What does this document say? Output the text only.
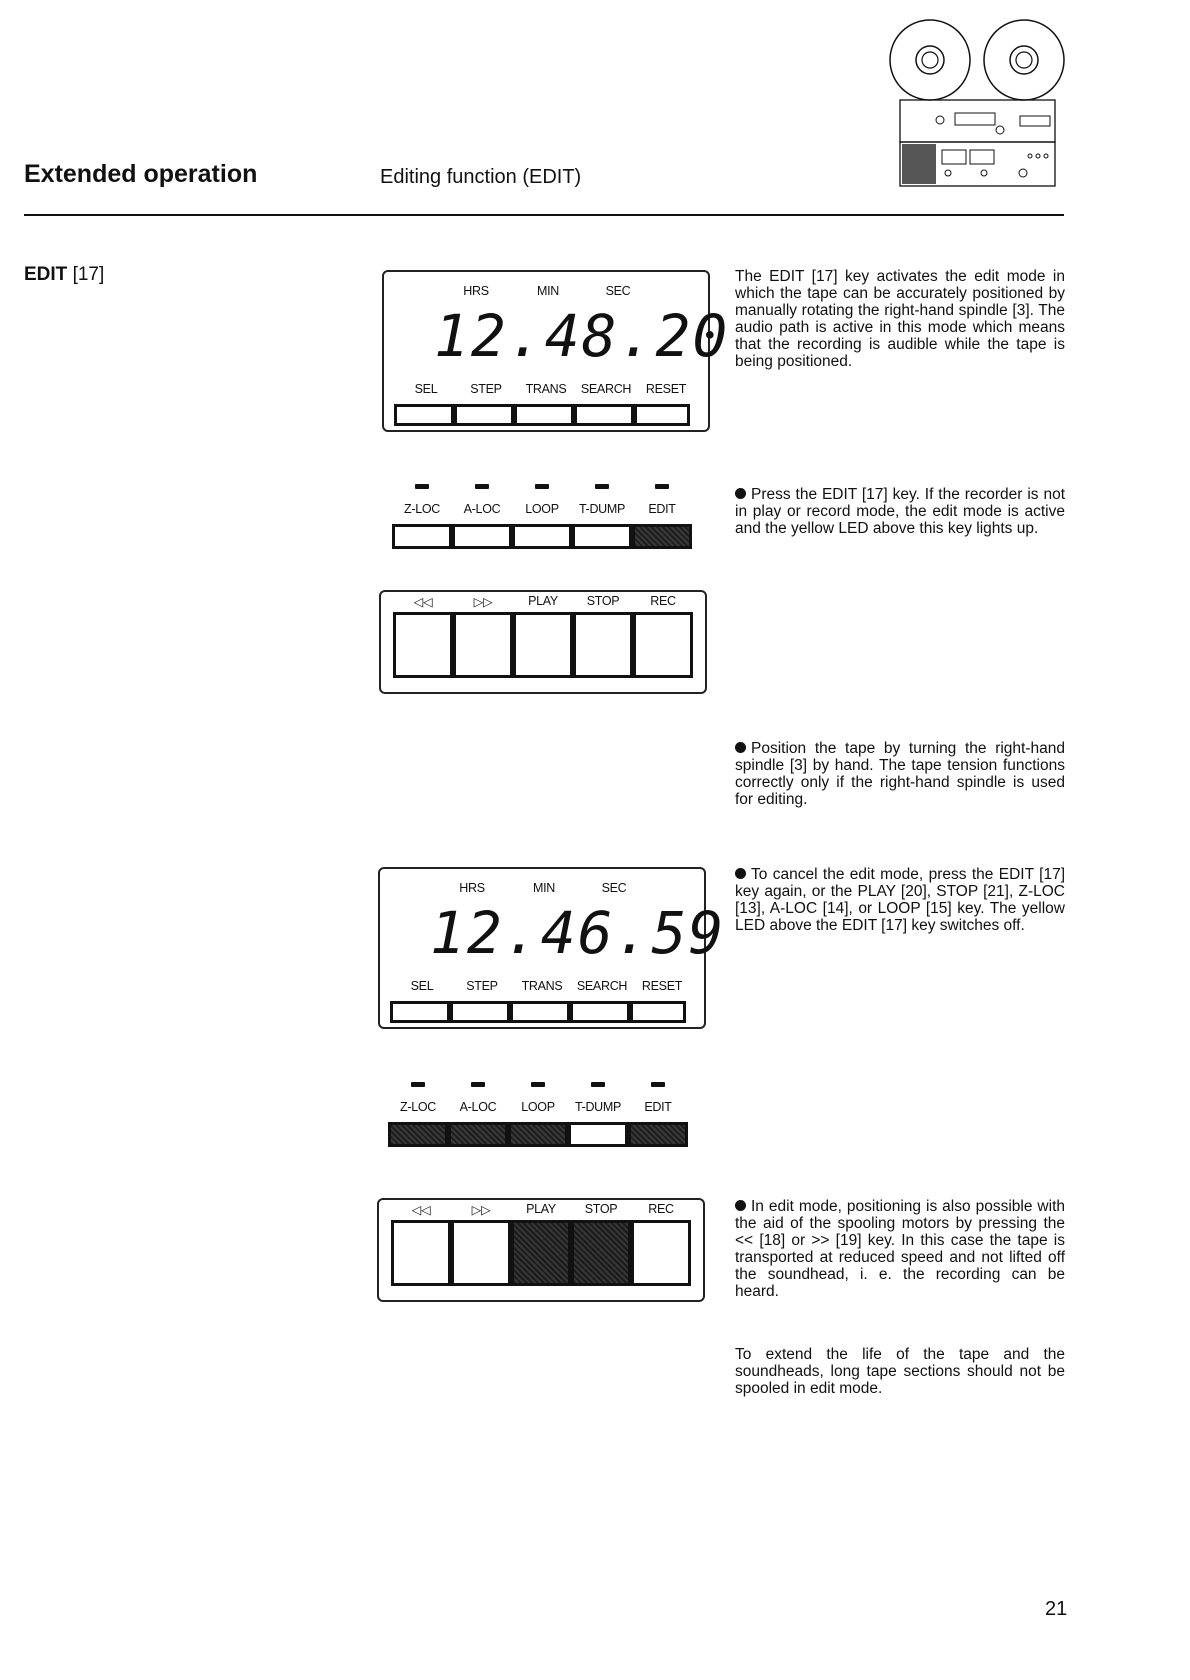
Extended operation	Editing function (EDIT)
EDIT [17]
HRS	MIN	SEC
12.48.20
SEL	STEP TRANS SEARCH RESET
Z-LOC A-LOC LOOP T-DUMP EDIT
◁◁	▷▷	PLAY STOP REC
HRS	MIN	SEC
12.46.59
SEL	STEP TRANS SEARCH RESET
Z-LOC A-LOC LOOP T-DUMP EDIT
◁◁	▷▷	PLAY STOP REC
The EDIT [17] key activates the edit mode in which the tape can be accurately positioned by manually rotating the right-hand spindle [3]. The audio path is active in this mode which means that the recording is audible while the tape is being positioned.
Press the EDIT [17] key. If the recorder is not in play or record mode, the edit mode is active and the yellow LED above this key lights up.
Position the tape by turning the right-hand spindle [3] by hand. The tape tension functions correctly only if the right-hand spindle is used for editing.
To cancel the edit mode, press the EDIT [17] key again, or the PLAY [20], STOP [21], Z-LOC [13], A-LOC [14], or LOOP [15] key. The yellow LED above the EDIT [17] key switches off.
In edit mode, positioning is also possible with the aid of the spooling motors by pressing the << [18] or >> [19] key. In this case the tape is transported at reduced speed and not lifted off the soundhead, i. e. the recording can be heard.
To extend the life of the tape and the soundheads, long tape sections should not be spooled in edit mode.
21
